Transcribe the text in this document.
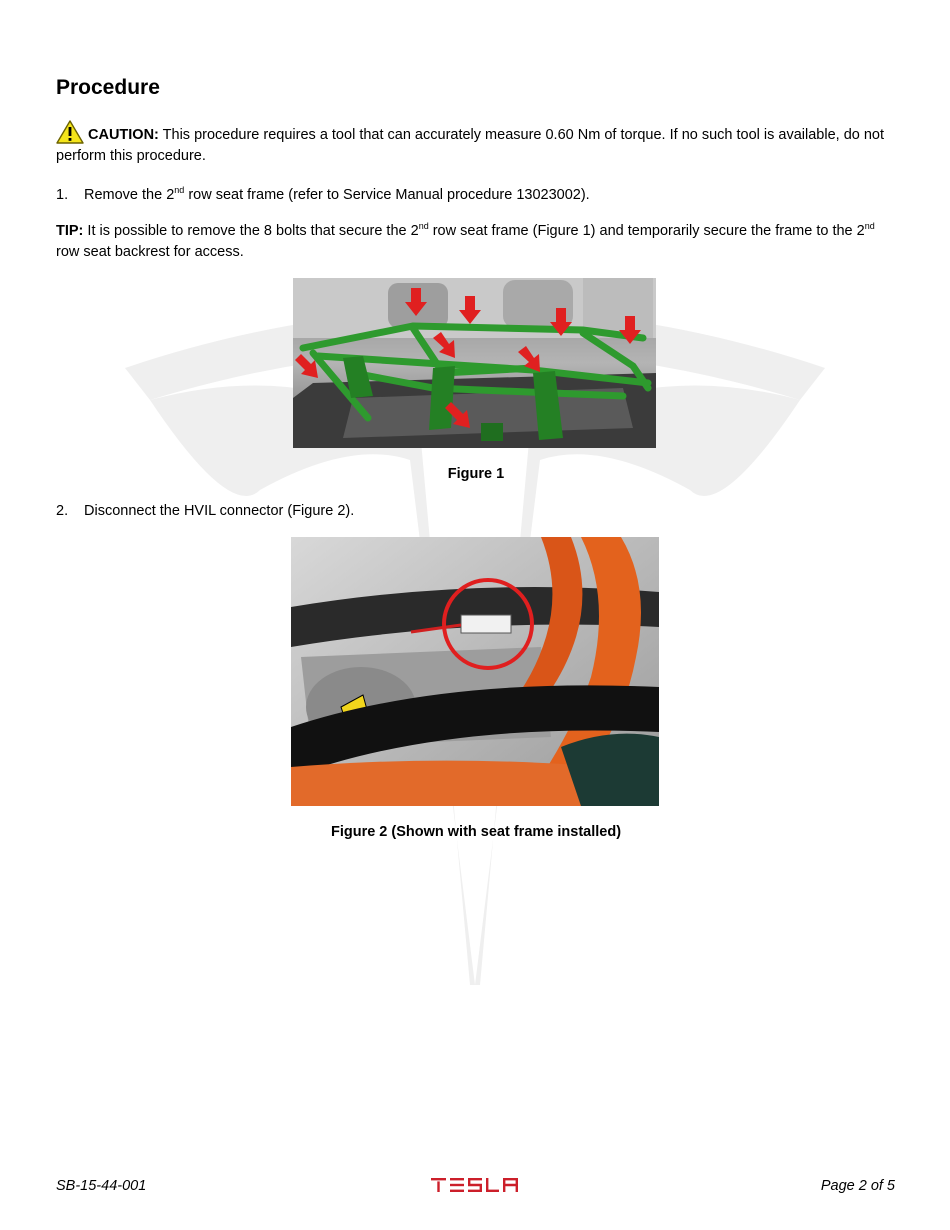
Procedure
CAUTION: This procedure requires a tool that can accurately measure 0.60 Nm of torque. If no such tool is available, do not perform this procedure.
1. Remove the 2nd row seat frame (refer to Service Manual procedure 13023002).
TIP: It is possible to remove the 8 bolts that secure the 2nd row seat frame (Figure 1) and temporarily secure the frame to the 2nd row seat backrest for access.
Figure 1
2. Disconnect the HVIL connector (Figure 2).
Figure 2 (Shown with seat frame installed)
SB-15-44-001	Page 2 of 5
